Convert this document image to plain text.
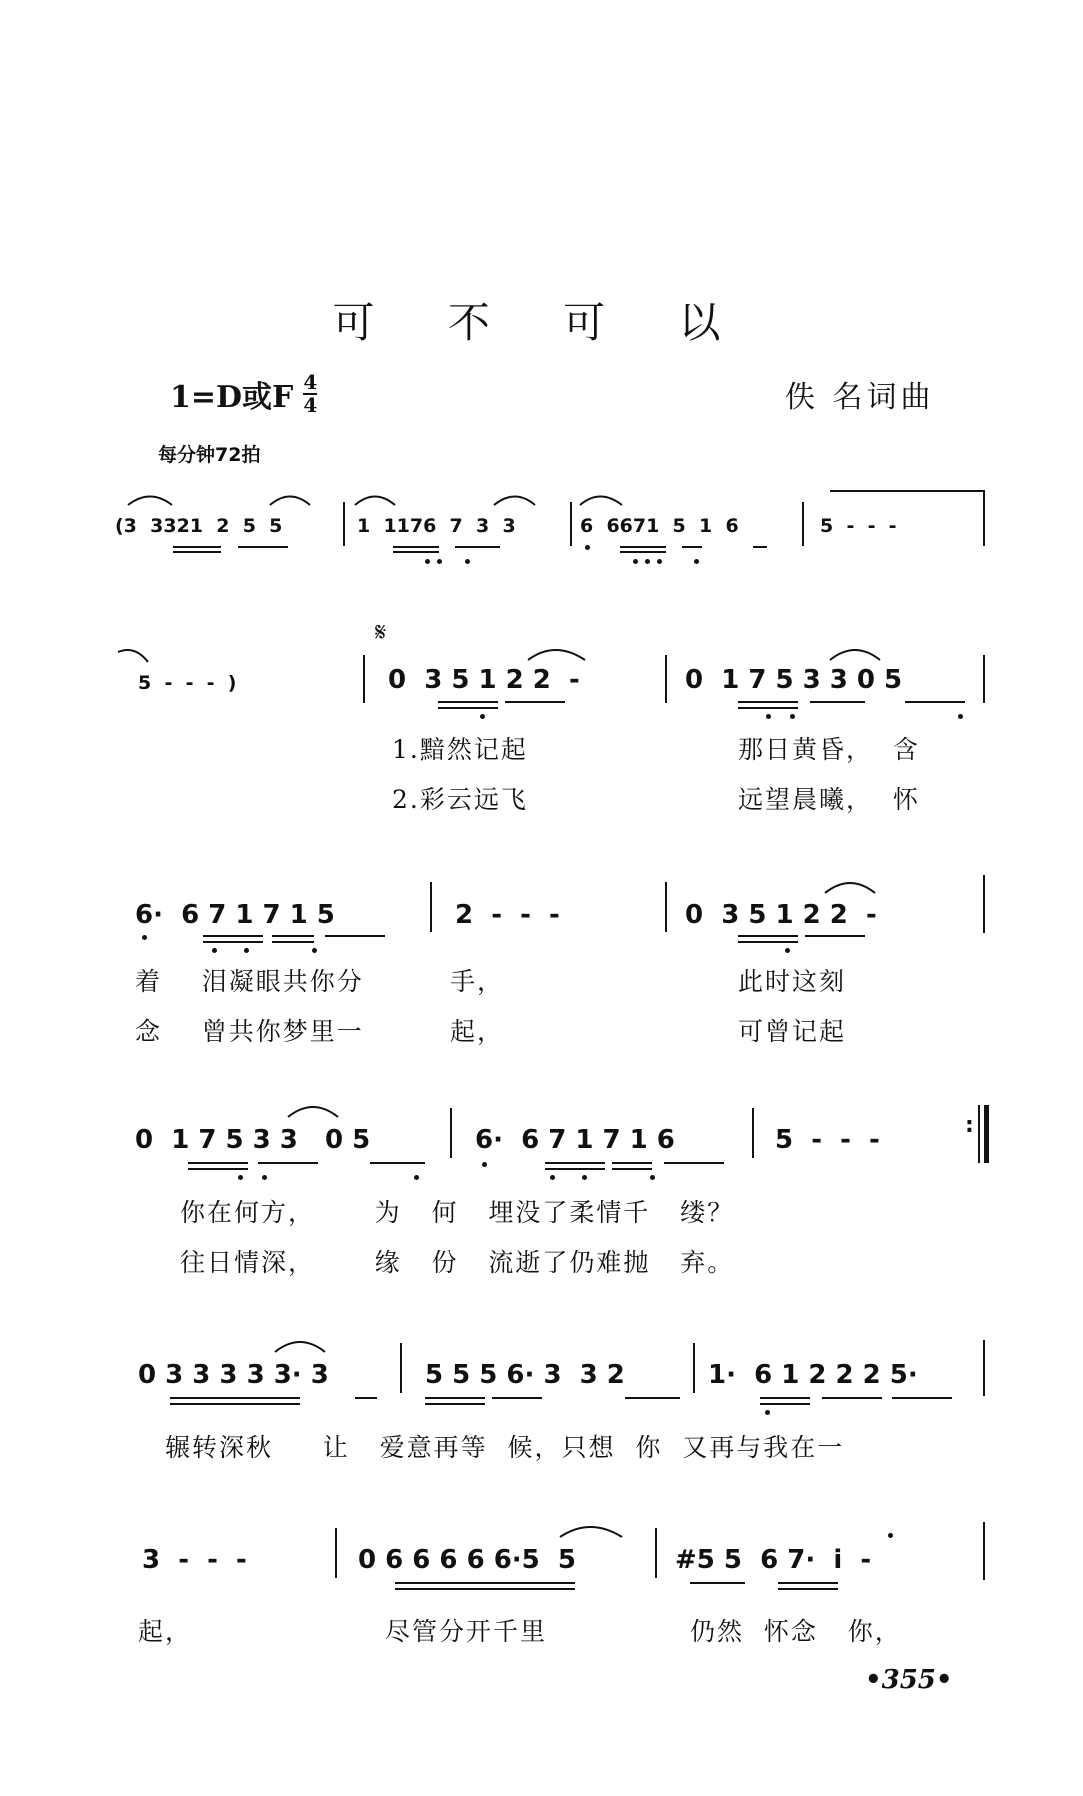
可 不 可 以
1=D或F $\frac{4}{4}$	佚 名词曲
每分钟72拍
(3  3321  2  5  5	1  1176  7  3  3	6  6671  5  1  6	5  -  -  -
5  -  -  -  )
𝄋
0  3 5 1 2 2  -	0  1 7 5 3 3 0 5
1.黯然记起	那日黄昏，  含
2.彩云远飞	远望晨曦，  怀
6·  6 7 1 7 1 5	2  -  -  -	0  3 5 1 2 2  -
着    泪凝眼共你分	手，	此时这刻
念    曾共你梦里一	起，	可曾记起
0  1 7 5 3 3   0 5	6·  6 7 1 7 1 6	5  -  -  -	:
你在何方，      为   何   埋没了柔情千   缕？
往日情深，      缘   份   流逝了仍难抛   弃。
0 3 3 3 3 3· 3	5 5 5 6· 3  3 2	1·  6 1 2 2 2 5·
辗转深秋     让   爱意再等  候，只想  你  又再与我在一
3  -  -  -	0 6 6 6 6 6·5  5	#5 5  6 7·  i  -
起，	尽管分开千里	仍然  怀念   你，
•355•
